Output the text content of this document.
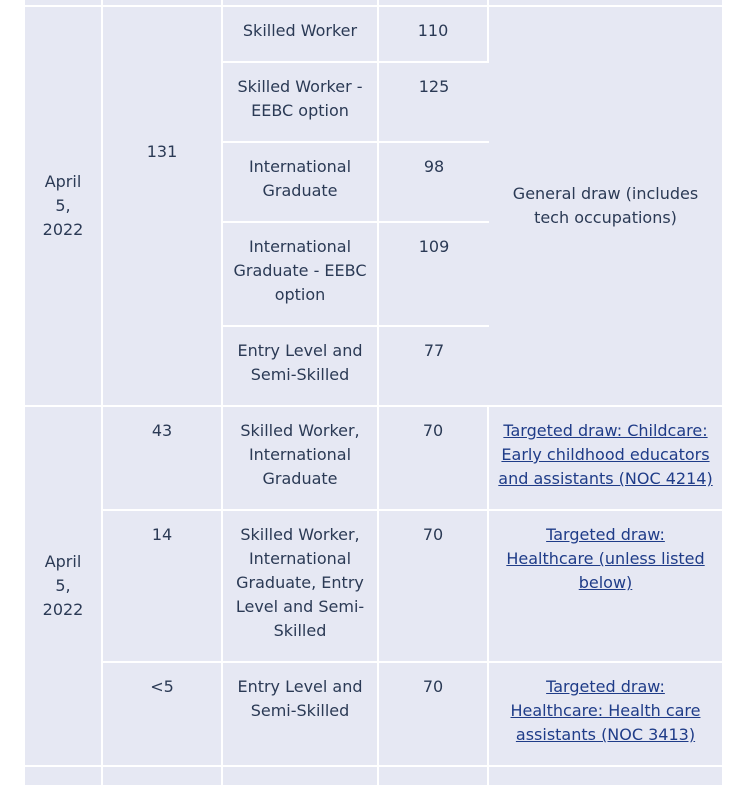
April
5,
2022	131	Skilled Worker	110	General draw (includes tech occupations)
		Skilled Worker - EEBC option	125	
		International Graduate	98	
		International Graduate - EEBC option	109	
		Entry Level and Semi-Skilled	77	
April
5,
2022	43	Skilled Worker, International Graduate	70	Targeted draw: Childcare: Early childhood educators and assistants (NOC 4214)
	14	Skilled Worker, International Graduate, Entry Level and Semi-Skilled	70	Targeted draw: Healthcare (unless listed below)
	<5	Entry Level and Semi-Skilled	70	Targeted draw: Healthcare: Health care assistants (NOC 3413)
